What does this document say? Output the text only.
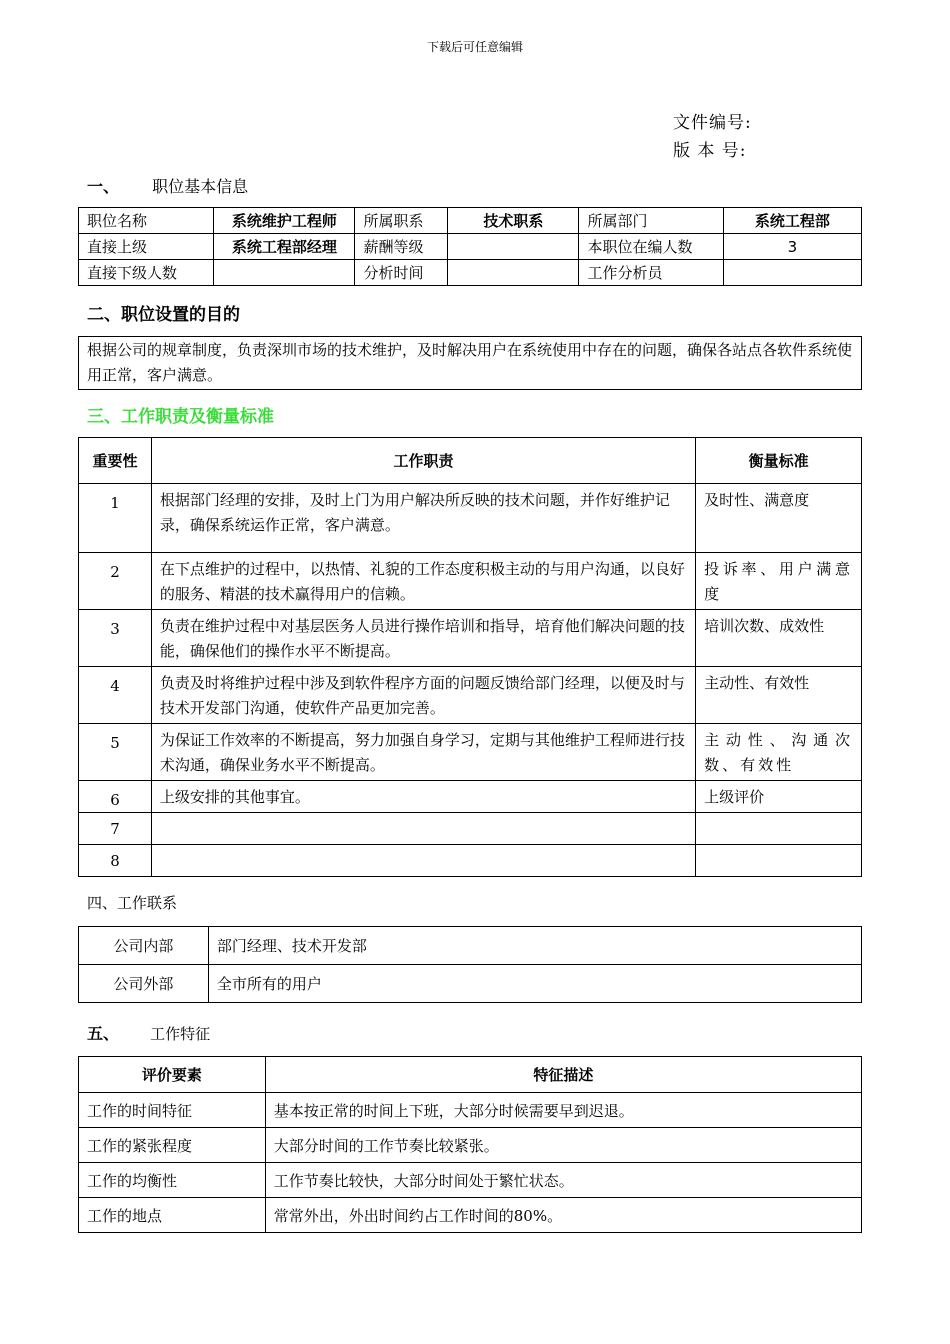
下载后可任意编辑
文件编号:
版 本 号:
一、 职位基本信息
职位名称	系统维护工程师	所属职系	技术职系	所属部门	系统工程部
直接上级	系统工程部经理	薪酬等级		本职位在编人数	3
直接下级人数		分析时间		工作分析员	
二、职位设置的目的
根据公司的规章制度，负责深圳市场的技术维护，及时解决用户在系统使用中存在的问题，确保各站点各软件系统使用正常，客户满意。
三、工作职责及衡量标准
重要性	工作职责	衡量标准
1	根据部门经理的安排，及时上门为用户解决所反映的技术问题，并作好维护记录，确保系统运作正常，客户满意。	及时性、满意度
2	在下点维护的过程中，以热情、礼貌的工作态度积极主动的与用户沟通，以良好的服务、精湛的技术赢得用户的信赖。	投诉率、用户满意度
3	负责在维护过程中对基层医务人员进行操作培训和指导，培育他们解决问题的技能，确保他们的操作水平不断提高。	培训次数、成效性
4	负责及时将维护过程中涉及到软件程序方面的问题反馈给部门经理，以便及时与技术开发部门沟通，使软件产品更加完善。	主动性、有效性
5	为保证工作效率的不断提高，努力加强自身学习，定期与其他维护工程师进行技术沟通，确保业务水平不断提高。	主动性、沟通次数、有效性
6	上级安排的其他事宜。	上级评价
7		
8		
四、工作联系
公司内部	部门经理、技术开发部
公司外部	全市所有的用户
五、 工作特征
评价要素	特征描述
工作的时间特征	基本按正常的时间上下班，大部分时候需要早到迟退。
工作的紧张程度	大部分时间的工作节奏比较紧张。
工作的均衡性	工作节奏比较快，大部分时间处于繁忙状态。
工作的地点	常常外出，外出时间约占工作时间的80%。
